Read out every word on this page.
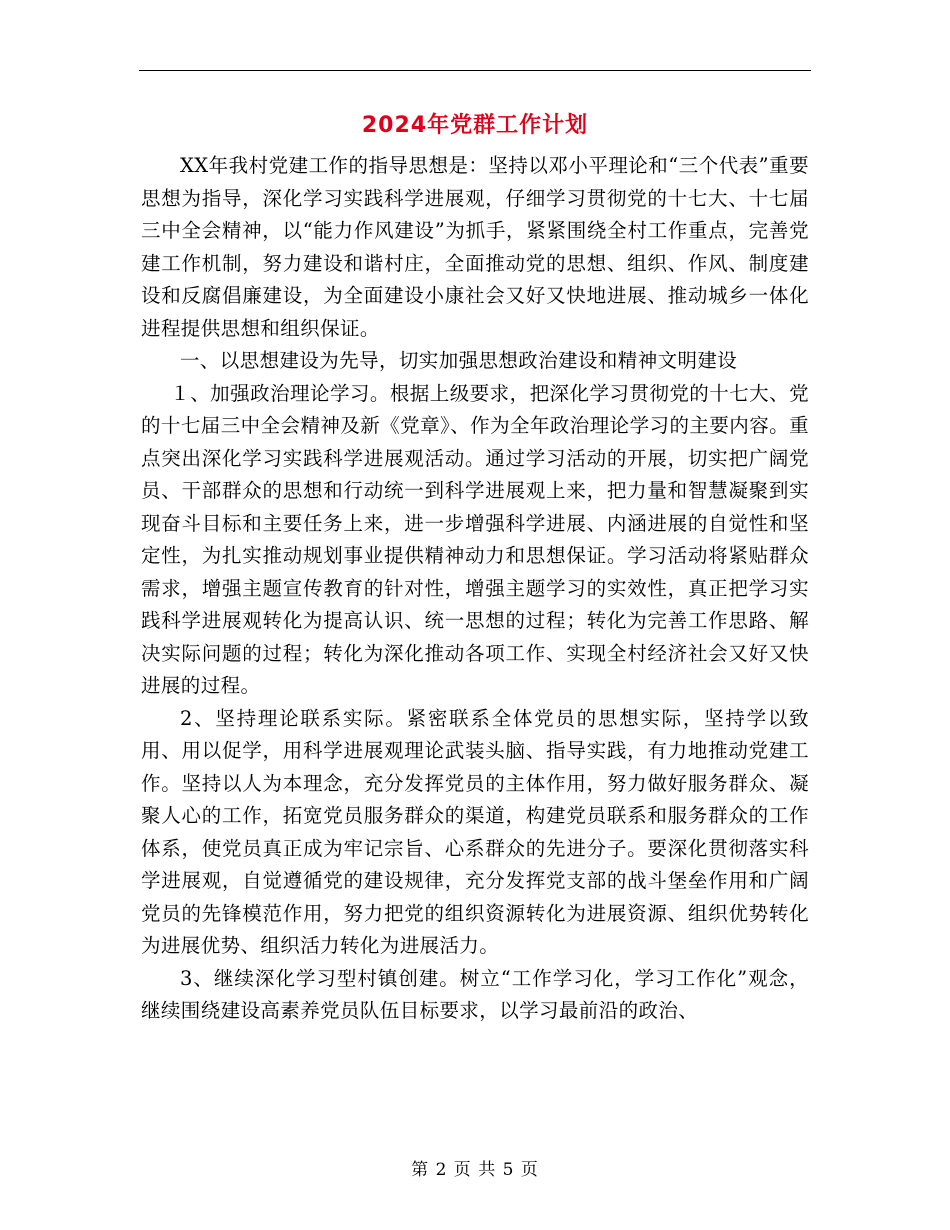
2024年党群工作计划

XX年我村党建工作的指导思想是：坚持以邓小平理论和“三个代表”重要思想为指导，深化学习实践科学进展观，仔细学习贯彻党的十七大、十七届三中全会精神，以“能力作风建设”为抓手，紧紧围绕全村工作重点，完善党建工作机制，努力建设和谐村庄，全面推动党的思想、组织、作风、制度建设和反腐倡廉建设，为全面建设小康社会又好又快地进展、推动城乡一体化进程提供思想和组织保证。

一、以思想建设为先导，切实加强思想政治建设和精神文明建设

１、加强政治理论学习。根据上级要求，把深化学习贯彻党的十七大、党的十七届三中全会精神及新《党章》、作为全年政治理论学习的主要内容。重点突出深化学习实践科学进展观活动。通过学习活动的开展，切实把广阔党员、干部群众的思想和行动统一到科学进展观上来，把力量和智慧凝聚到实现奋斗目标和主要任务上来，进一步增强科学进展、内涵进展的自觉性和坚定性，为扎实推动规划事业提供精神动力和思想保证。学习活动将紧贴群众需求，增强主题宣传教育的针对性，增强主题学习的实效性，真正把学习实践科学进展观转化为提高认识、统一思想的过程；转化为完善工作思路、解决实际问题的过程；转化为深化推动各项工作、实现全村经济社会又好又快进展的过程。

2、坚持理论联系实际。紧密联系全体党员的思想实际，坚持学以致用、用以促学，用科学进展观理论武装头脑、指导实践，有力地推动党建工作。坚持以人为本理念，充分发挥党员的主体作用，努力做好服务群众、凝聚人心的工作，拓宽党员服务群众的渠道，构建党员联系和服务群众的工作体系，使党员真正成为牢记宗旨、心系群众的先进分子。要深化贯彻落实科学进展观，自觉遵循党的建设规律，充分发挥党支部的战斗堡垒作用和广阔党员的先锋模范作用，努力把党的组织资源转化为进展资源、组织优势转化为进展优势、组织活力转化为进展活力。

3、继续深化学习型村镇创建。树立“工作学习化，学习工作化”观念，继续围绕建设高素养党员队伍目标要求，以学习最前沿的政治、

第 2 页 共 5 页
